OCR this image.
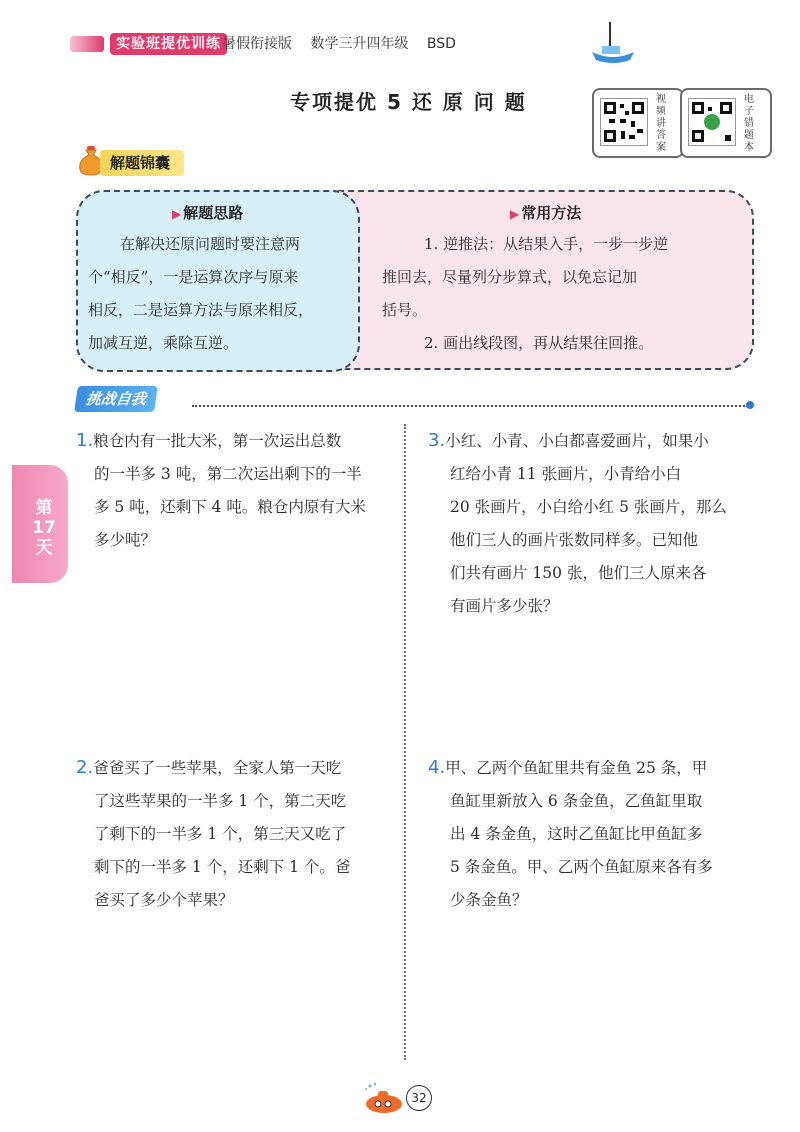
实验班提优训练 暑假衔接版 数学三升四年级 BSD
专项提优 5 还 原 问 题	视频讲答案
电子错题本
解题锦囊
▶ 常用方法
1. 逆推法：从结果入手，一步一步逆
推回去，尽量列分步算式，以免忘记加
括号。
2. 画出线段图，再从结果往回推。
▶ 解题思路
在解决还原问题时要注意两
个“相反”，一是运算次序与原来
相反，二是运算方法与原来相反，
加减互逆，乘除互逆。
挑战自我
第
17
天
1.粮仓内有一批大米，第一次运出总数
的一半多 3 吨，第二次运出剩下的一半
多 5 吨，还剩下 4 吨。粮仓内原有大米
多少吨？
3.小红、小青、小白都喜爱画片，如果小
红给小青 11 张画片，小青给小白
20 张画片，小白给小红 5 张画片，那么
他们三人的画片张数同样多。已知他
们共有画片 150 张，他们三人原来各
有画片多少张？
2.爸爸买了一些苹果，全家人第一天吃
了这些苹果的一半多 1 个，第二天吃
了剩下的一半多 1 个，第三天又吃了
剩下的一半多 1 个，还剩下 1 个。爸
爸买了多少个苹果？
4.甲、乙两个鱼缸里共有金鱼 25 条，甲
鱼缸里新放入 6 条金鱼，乙鱼缸里取
出 4 条金鱼，这时乙鱼缸比甲鱼缸多
5 条金鱼。甲、乙两个鱼缸原来各有多
少条金鱼？
32
